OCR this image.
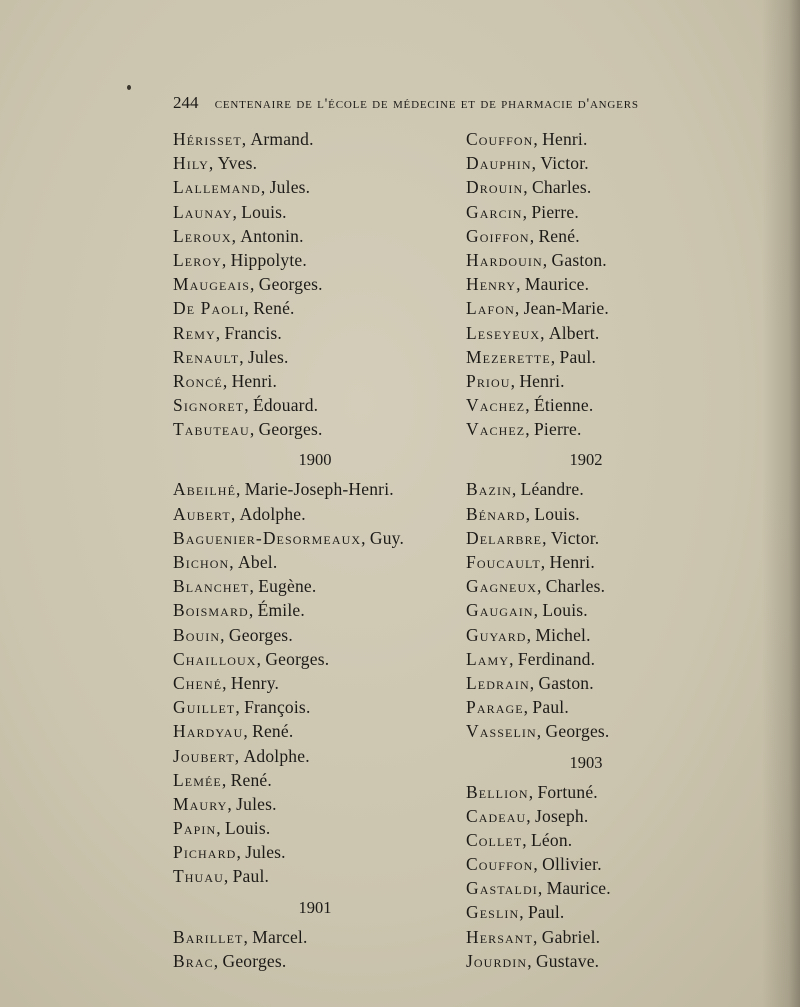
244 centenaire de l'école de médecine et de pharmacie d'angers
Hérisset, Armand.
Hily, Yves.
Lallemand, Jules.
Launay, Louis.
Leroux, Antonin.
Leroy, Hippolyte.
Maugeais, Georges.
De Paoli, René.
Remy, Francis.
Renault, Jules.
Roncé, Henri.
Signoret, Édouard.
Tabuteau, Georges.
1900
Abeilhé, Marie-Joseph-Henri.
Aubert, Adolphe.
Baguenier-Desormeaux, Guy.
Bichon, Abel.
Blanchet, Eugène.
Boismard, Émile.
Bouin, Georges.
Chailloux, Georges.
Chené, Henry.
Guillet, François.
Hardyau, René.
Joubert, Adolphe.
Lemée, René.
Maury, Jules.
Papin, Louis.
Pichard, Jules.
Thuau, Paul.
1901
Barillet, Marcel.
Brac, Georges.
Couffon, Henri.
Dauphin, Victor.
Drouin, Charles.
Garcin, Pierre.
Goiffon, René.
Hardouin, Gaston.
Henry, Maurice.
Lafon, Jean-Marie.
Leseyeux, Albert.
Mezerette, Paul.
Priou, Henri.
Vachez, Étienne.
Vachez, Pierre.
1902
Bazin, Léandre.
Bénard, Louis.
Delarbre, Victor.
Foucault, Henri.
Gagneux, Charles.
Gaugain, Louis.
Guyard, Michel.
Lamy, Ferdinand.
Ledrain, Gaston.
Parage, Paul.
Vasselin, Georges.
1903
Bellion, Fortuné.
Cadeau, Joseph.
Collet, Léon.
Couffon, Ollivier.
Gastaldi, Maurice.
Geslin, Paul.
Hersant, Gabriel.
Jourdin, Gustave.
